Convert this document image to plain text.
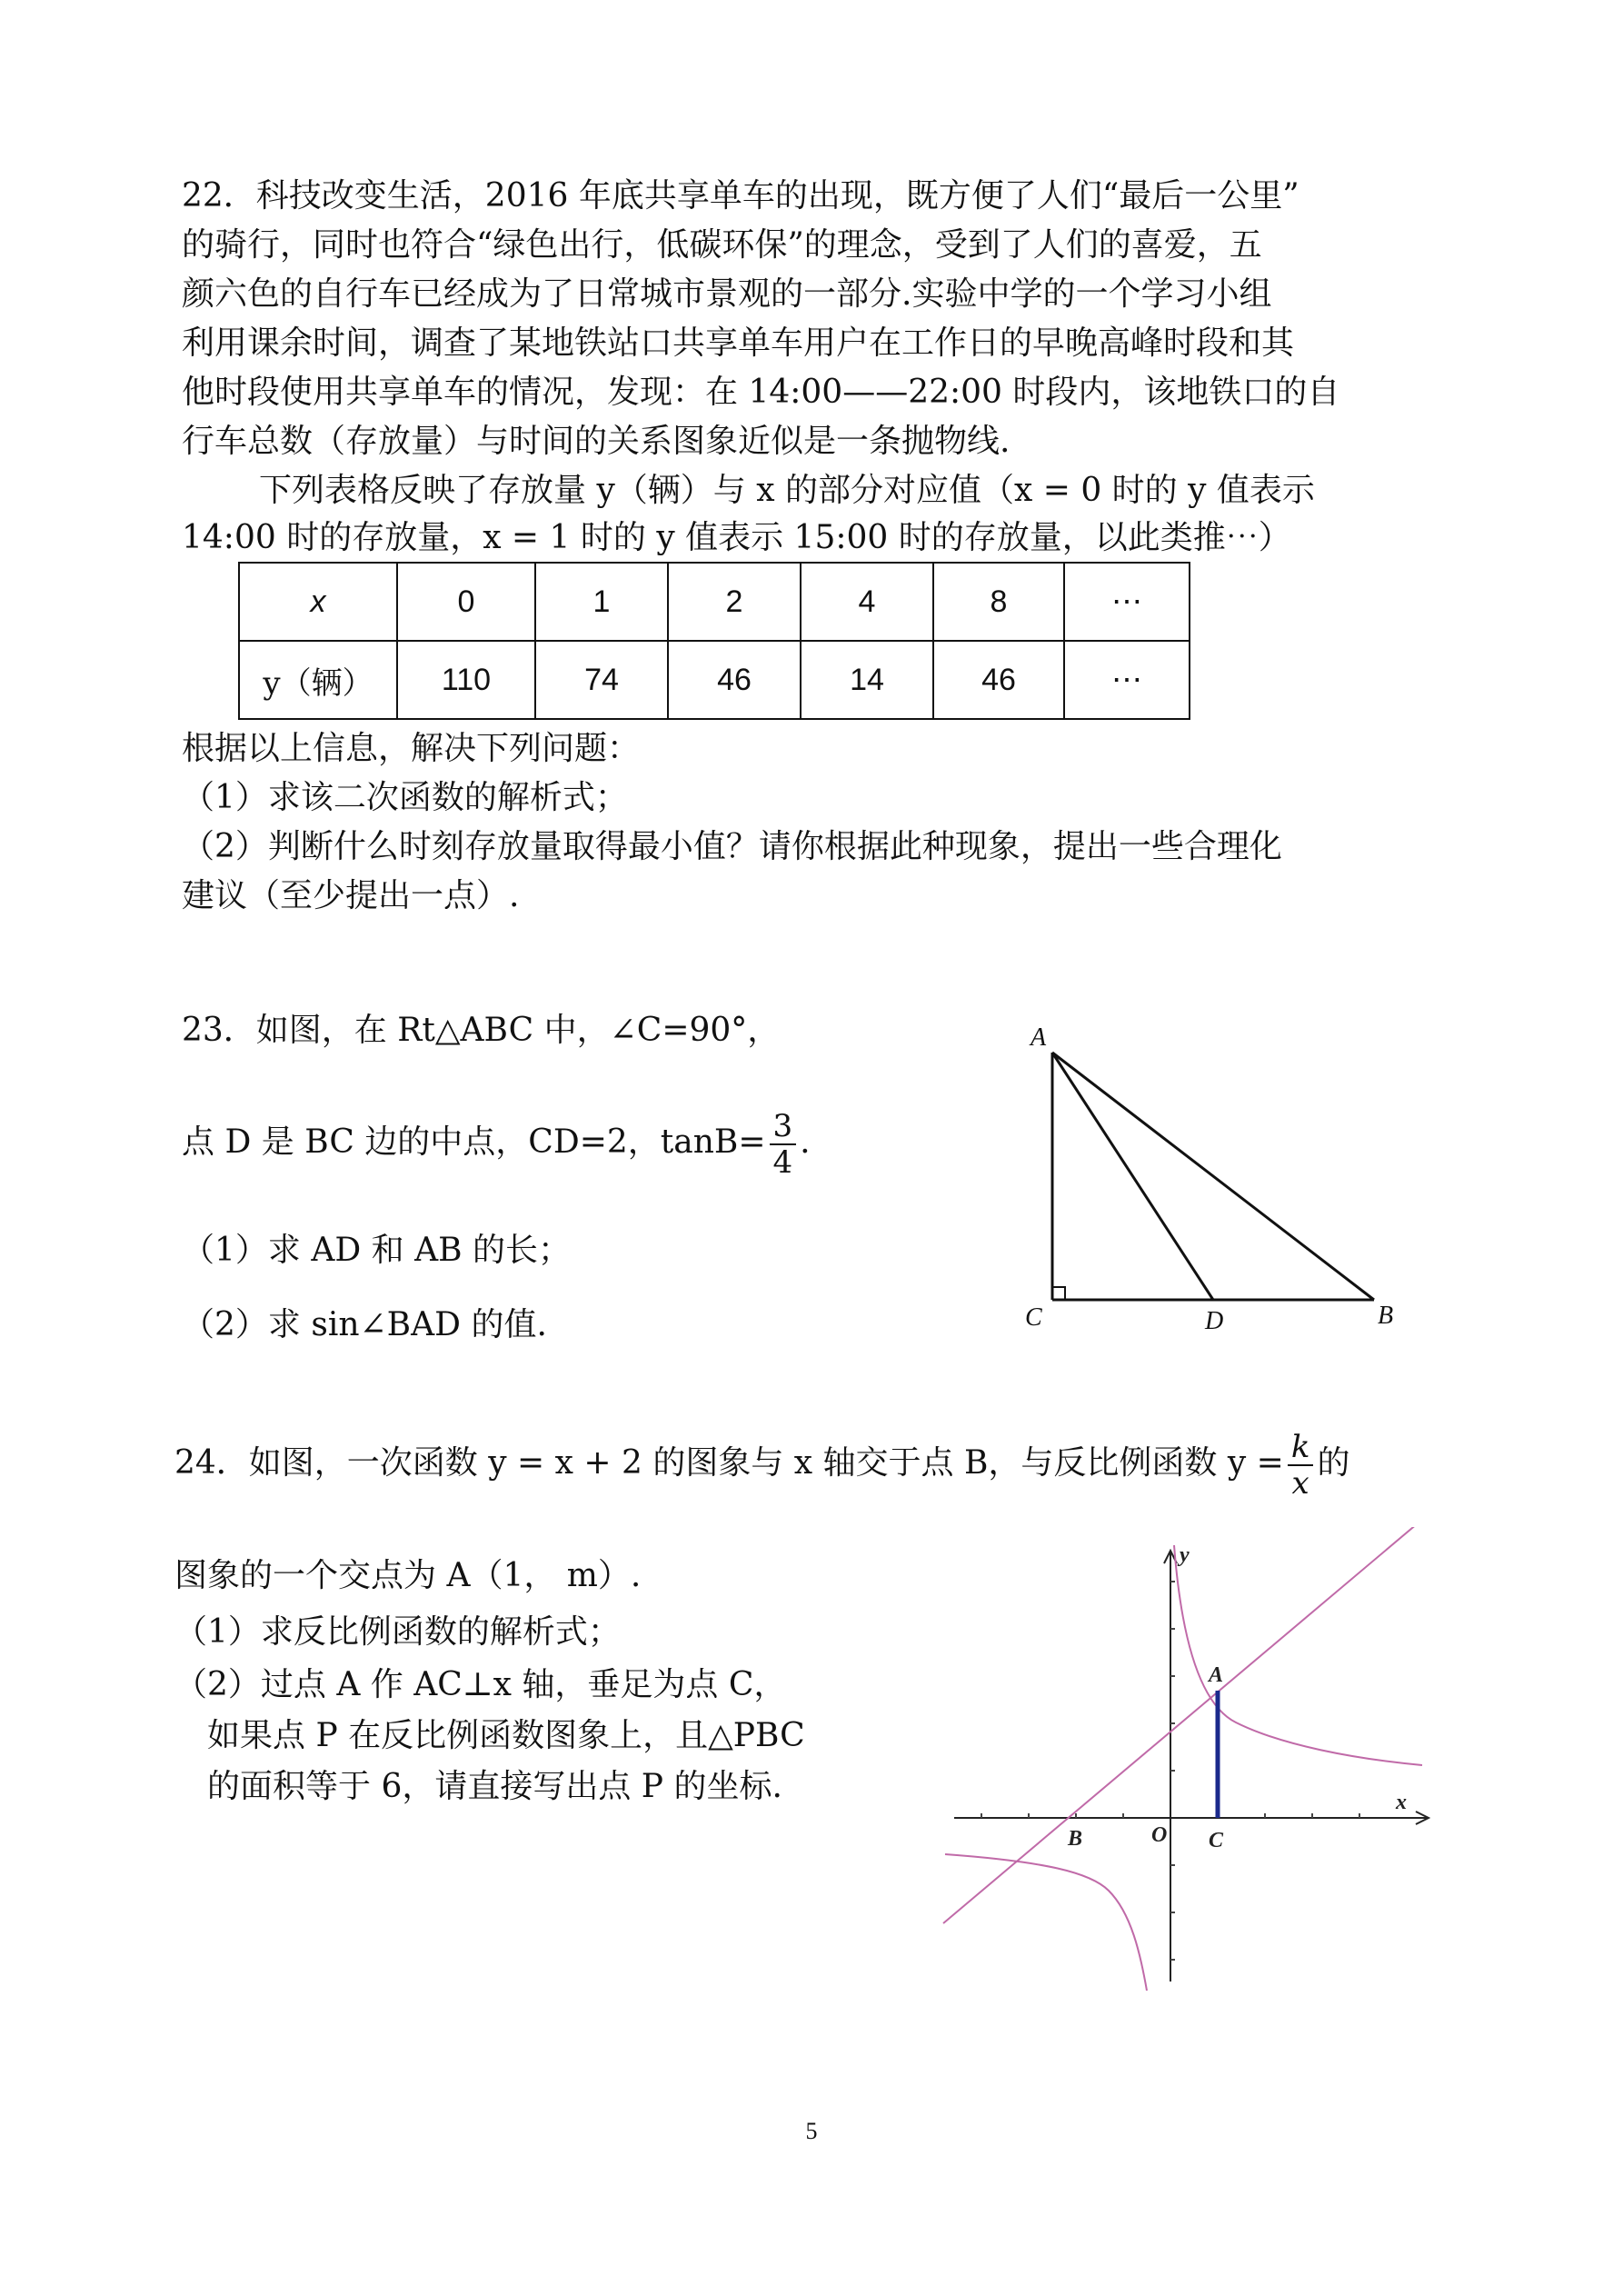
22．科技改变生活，2016 年底共享单车的出现，既方便了人们“最后一公里”
的骑行，同时也符合“绿色出行，低碳环保”的理念，受到了人们的喜爱，五
颜六色的自行车已经成为了日常城市景观的一部分.实验中学的一个学习小组
利用课余时间，调查了某地铁站口共享单车用户在工作日的早晚高峰时段和其
他时段使用共享单车的情况，发现：在 14:00——22:00 时段内，该地铁口的自
行车总数（存放量）与时间的关系图象近似是一条抛物线.
下列表格反映了存放量 y（辆）与 x 的部分对应值（x = 0 时的 y 值表示
14:00 时的存放量，x = 1 时的 y 值表示 15:00 时的存放量，以此类推⋯）
x	0	1	2	4	8	⋯
y（辆）	110	74	46	14	46	⋯
根据以上信息，解决下列问题：
（1）求该二次函数的解析式；
（2）判断什么时刻存放量取得最小值？请你根据此种现象，提出一些合理化
建议（至少提出一点）.
23．如图，在 Rt△ABC 中，∠C=90°，
点 D 是 BC 边的中点，CD=2，$\tan B= \frac{3}{4}$ .
（1）求 AD 和 AB 的长；
（2）求 sin∠BAD 的值.
A
C	D	B
24．如图，一次函数 y = x + 2 的图象与 x 轴交于点 B，与反比例函数 $y = \frac{k}{x}$ 的
图象的一个交点为 A（1， m）.
（1）求反比例函数的解析式；
（2）过点 A 作 AC⊥x 轴，垂足为点 C，
如果点 P 在反比例函数图象上，且△PBC
的面积等于 6，请直接写出点 P 的坐标.
y
x
A
B	O C
5
